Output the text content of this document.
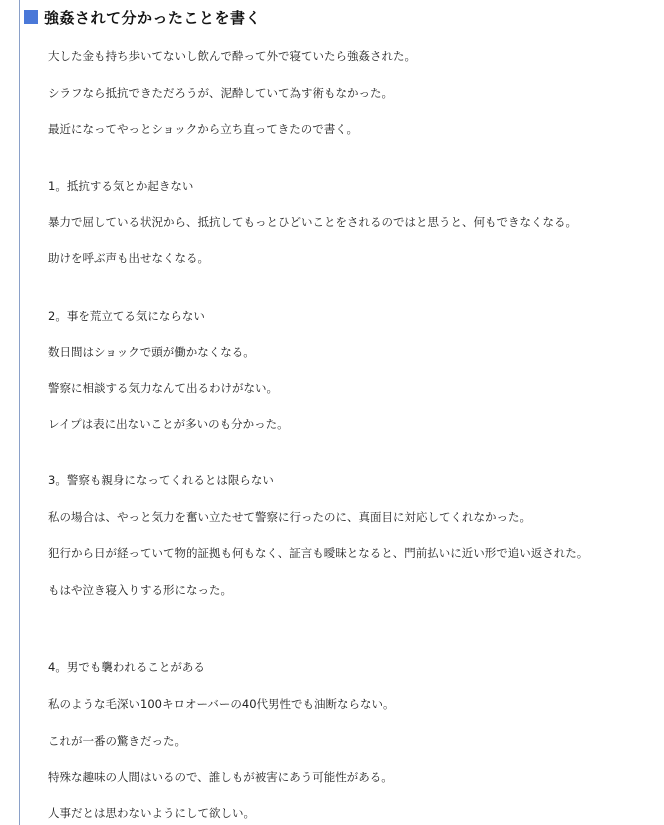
強姦されて分かったことを書く
大した金も持ち歩いてないし飲んで酔って外で寝ていたら強姦された。
シラフなら抵抗できただろうが、泥酔していて為す術もなかった。
最近になってやっとショックから立ち直ってきたので書く。
1。抵抗する気とか起きない
暴力で屈している状況から、抵抗してもっとひどいことをされるのではと思うと、何もできなくなる。
助けを呼ぶ声も出せなくなる。
2。事を荒立てる気にならない
数日間はショックで頭が働かなくなる。
警察に相談する気力なんて出るわけがない。
レイプは表に出ないことが多いのも分かった。
3。警察も親身になってくれるとは限らない
私の場合は、やっと気力を奮い立たせて警察に行ったのに、真面目に対応してくれなかった。
犯行から日が経っていて物的証拠も何もなく、証言も曖昧となると、門前払いに近い形で追い返された。
もはや泣き寝入りする形になった。
4。男でも襲われることがある
私のような毛深い100キロオーバーの40代男性でも油断ならない。
これが一番の驚きだった。
特殊な趣味の人間はいるので、誰しもが被害にあう可能性がある。
人事だとは思わないようにして欲しい。
